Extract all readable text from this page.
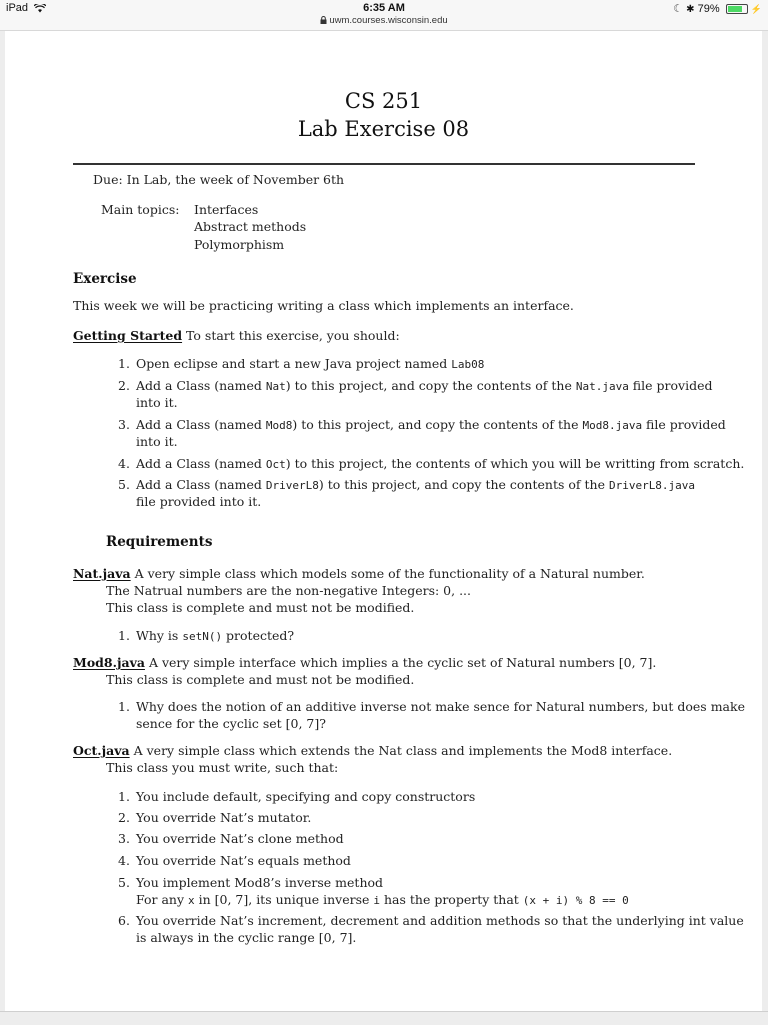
iPad	6:35 AM
uwm.courses.wisconsin.edu
☾ ✱ 79%	⚡
CS 251
Lab Exercise 08
Due: In Lab, the week of November 6th
Main topics: Interfaces
Abstract methods
Polymorphism
Exercise
This week we will be practicing writing a class which implements an interface.
Getting Started To start this exercise, you should:
1. Open eclipse and start a new Java project named Lab08
2. Add a Class (named Nat) to this project, and copy the contents of the Nat.java file provided
into it.
3. Add a Class (named Mod8) to this project, and copy the contents of the Mod8.java file provided
into it.
4. Add a Class (named Oct) to this project, the contents of which you will be writting from scratch.
5. Add a Class (named DriverL8) to this project, and copy the contents of the DriverL8.java
file provided into it.
Requirements
Nat.java A very simple class which models some of the functionality of a Natural number.
The Natrual numbers are the non-negative Integers: 0, ...
This class is complete and must not be modified.
1. Why is setN() protected?
Mod8.java A very simple interface which implies a the cyclic set of Natural numbers [0, 7].
This class is complete and must not be modified.
1. Why does the notion of an additive inverse not make sence for Natural numbers, but does make
sence for the cyclic set [0, 7]?
Oct.java A very simple class which extends the Nat class and implements the Mod8 interface.
This class you must write, such that:
1. You include default, specifying and copy constructors
2. You override Nat’s mutator.
3. You override Nat’s clone method
4. You override Nat’s equals method
5. You implement Mod8’s inverse method
For any x in [0, 7], its unique inverse i has the property that (x + i) % 8 == 0
6. You override Nat’s increment, decrement and addition methods so that the underlying int value
is always in the cyclic range [0, 7].
